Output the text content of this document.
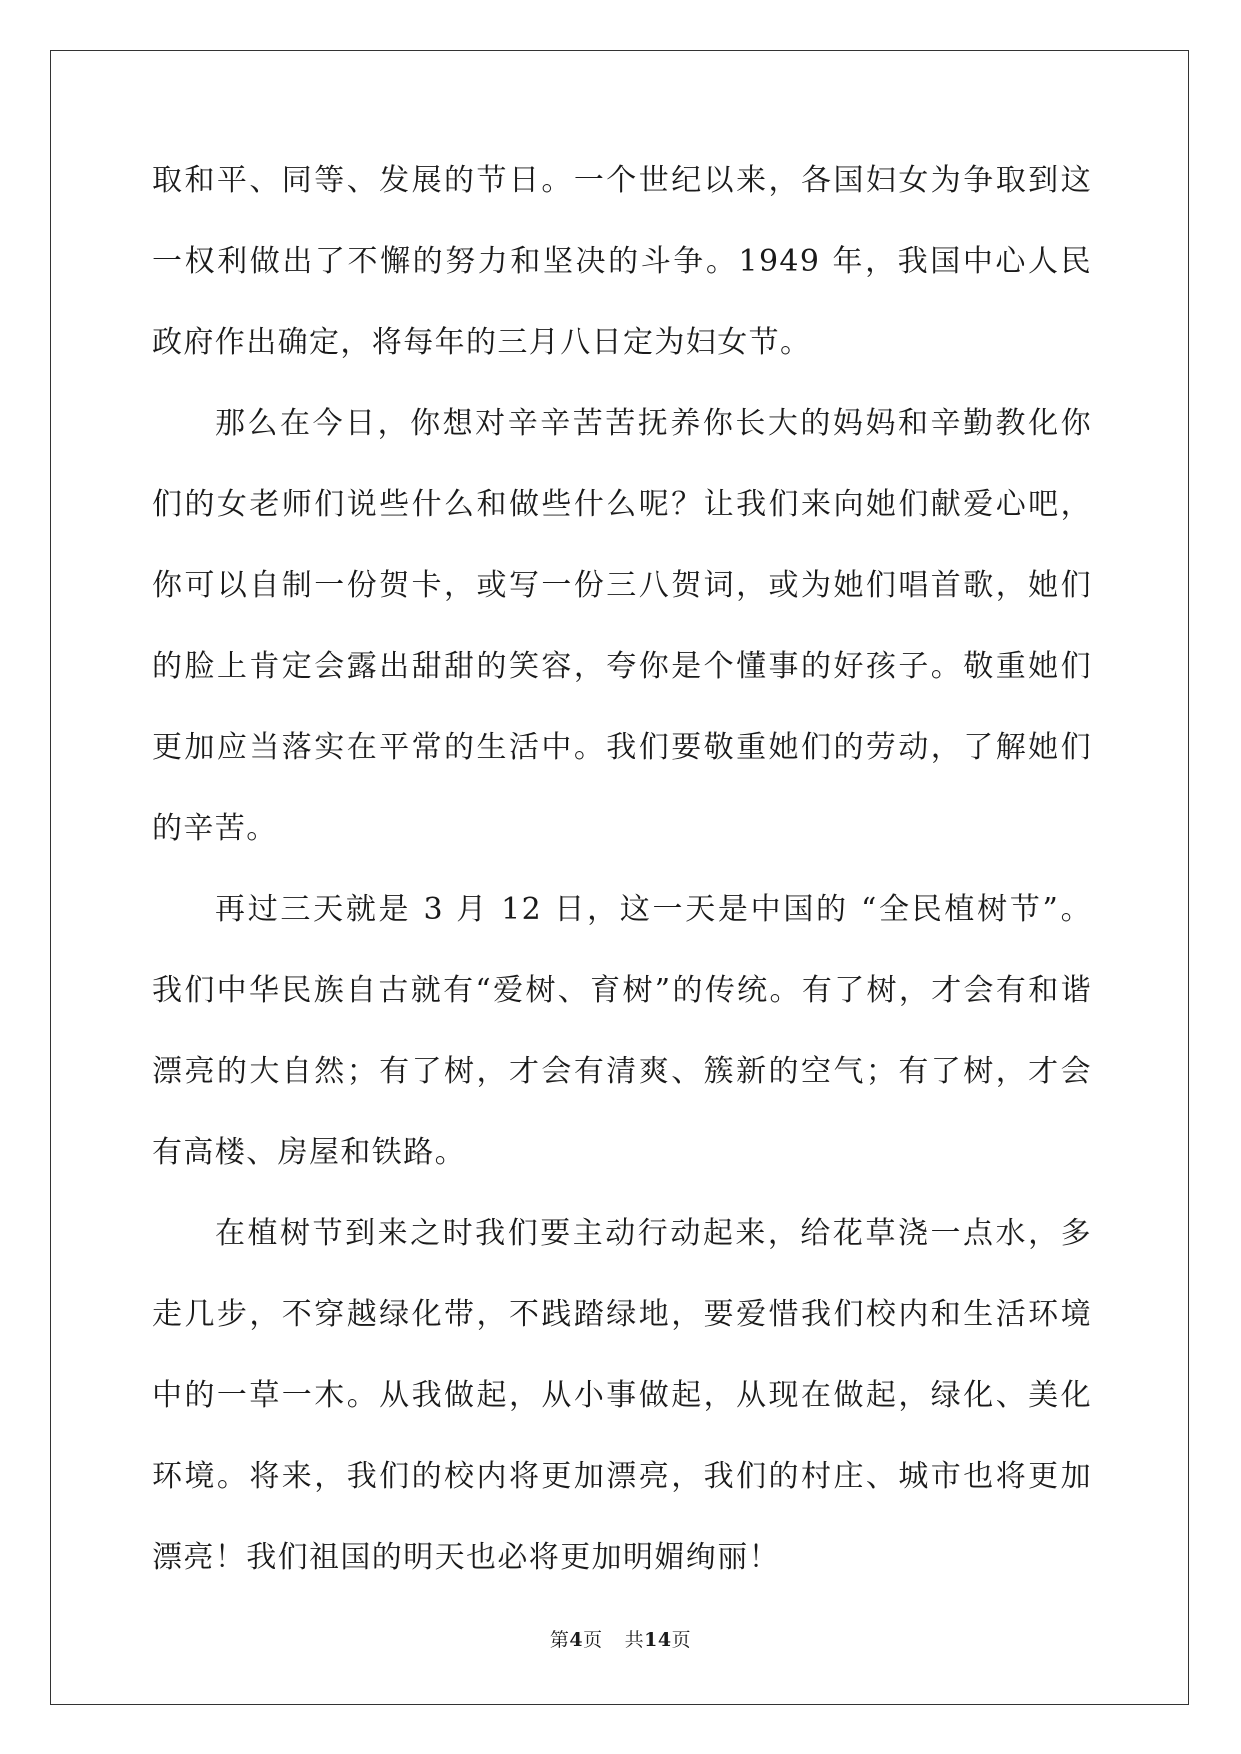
取和平、同等、发展的节日。一个世纪以来，各国妇女为争取到这一权利做出了不懈的努力和坚决的斗争。1949 年，我国中心人民政府作出确定，将每年的三月八日定为妇女节。

那么在今日，你想对辛辛苦苦抚养你长大的妈妈和辛勤教化你们的女老师们说些什么和做些什么呢？让我们来向她们献爱心吧，你可以自制一份贺卡，或写一份三八贺词，或为她们唱首歌，她们的脸上肯定会露出甜甜的笑容，夸你是个懂事的好孩子。敬重她们更加应当落实在平常的生活中。我们要敬重她们的劳动，了解她们的辛苦。

再过三天就是 3 月 12 日，这一天是中国的 “全民植树节”。 我们中华民族自古就有“爱树、育树”的传统。有了树，才会有和谐漂亮的大自然；有了树，才会有清爽、簇新的空气；有了树，才会有高楼、房屋和铁路。

在植树节到来之时我们要主动行动起来，给花草浇一点水，多走几步，不穿越绿化带，不践踏绿地，要爱惜我们校内和生活环境中的一草一木。从我做起，从小事做起，从现在做起，绿化、美化环境。将来，我们的校内将更加漂亮，我们的村庄、城市也将更加漂亮！我们祖国的明天也必将更加明媚绚丽！

第4页 共14页
